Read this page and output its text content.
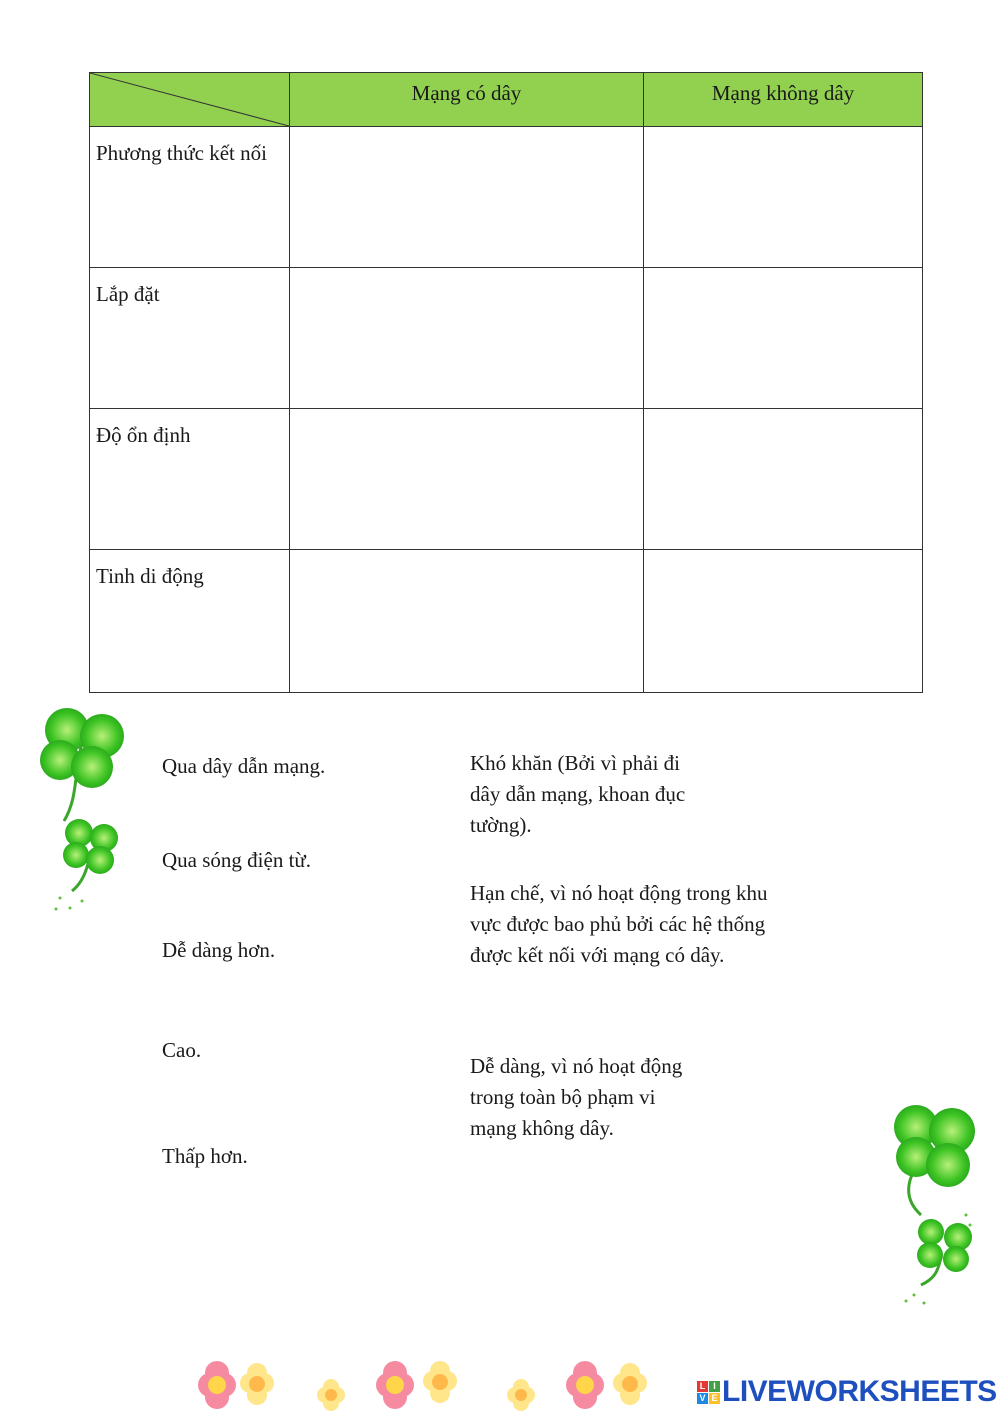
	Mạng có dây	Mạng không dây
Phương thức kết nối		
Lắp đặt		
Độ ổn định		
Tinh di động		
Qua dây dẫn mạng.
Qua sóng điện từ.
Dễ dàng hơn.
Cao.
Thấp hơn.
Khó khăn (Bởi vì phải đi
dây dẫn mạng, khoan đục
tường).
Hạn chế, vì nó hoạt động trong khu
vực được bao phủ bởi các hệ thống
được kết nối với mạng có dây.
Dễ dàng, vì nó hoạt động
trong toàn bộ phạm vi
mạng không dây.
L I
V E LIVEWORKSHEETS
